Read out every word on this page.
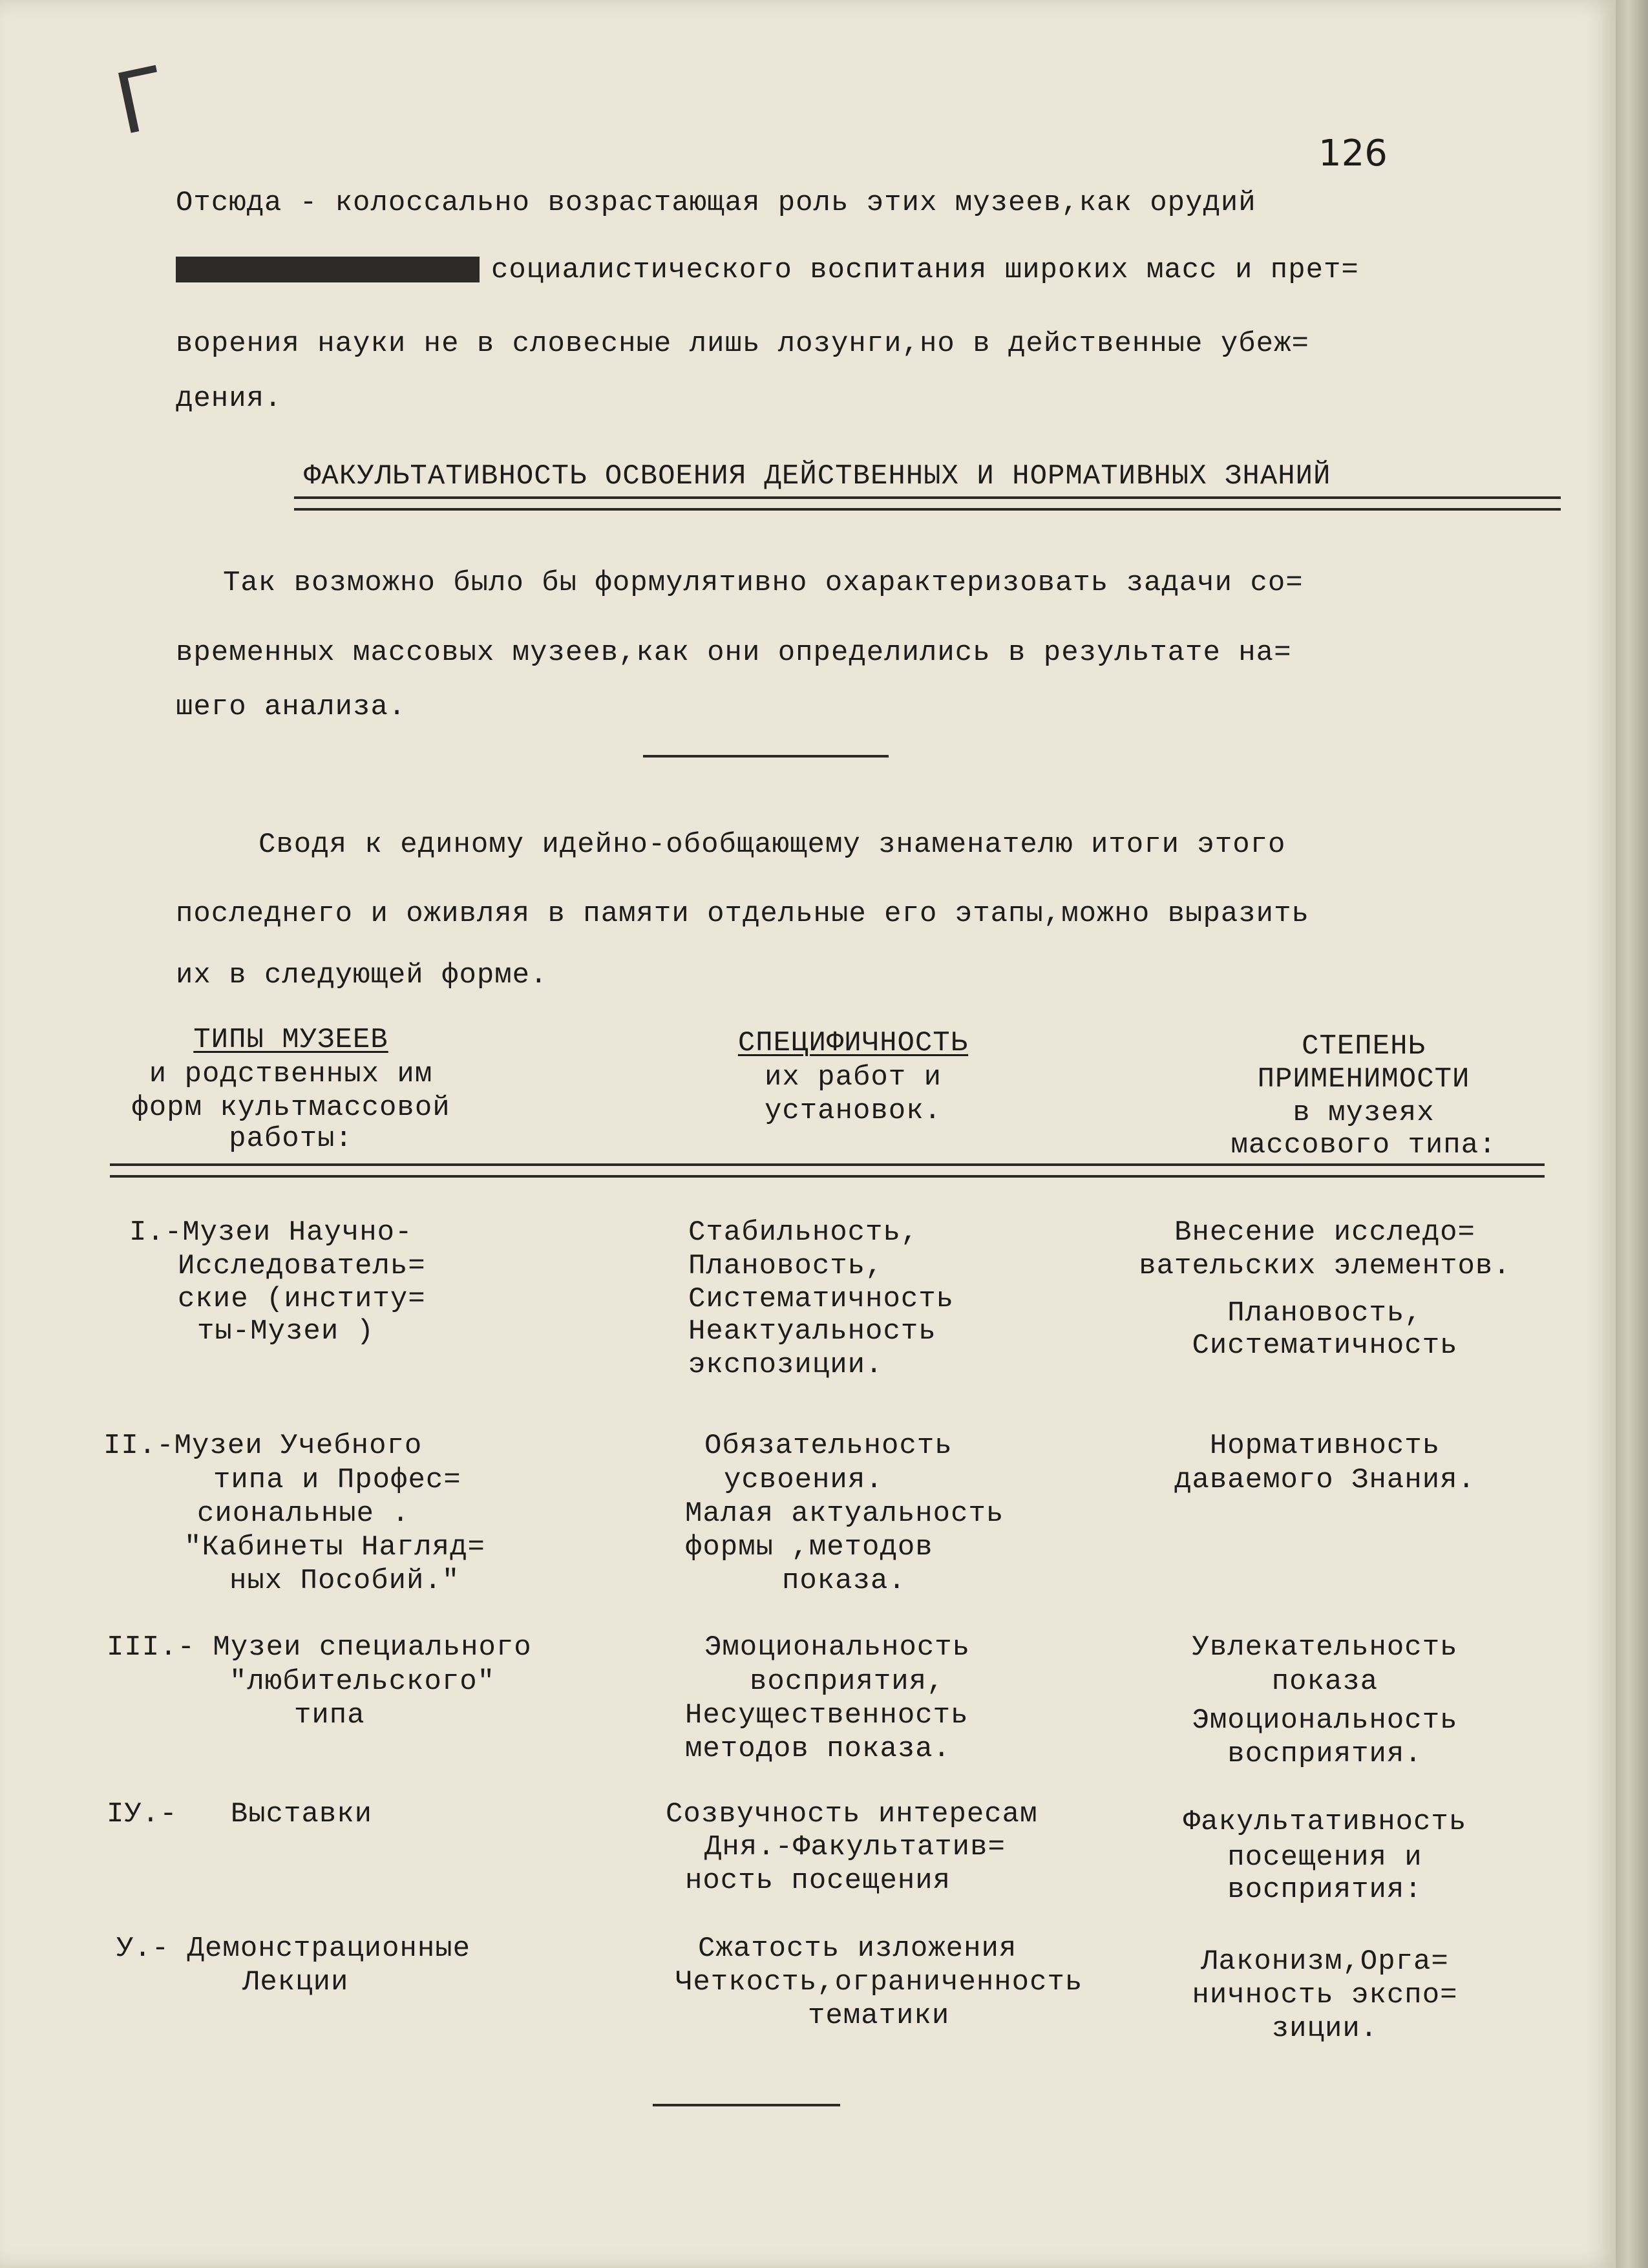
Г	126
Отсюда - колоссально возрастающая роль этих музеев,как орудий
социалистического воспитания широких масс и прет=
ворения науки не в словесные лишь лозунги,но в действенные убеж=
дения.
ФАКУЛЬТАТИВНОСТЬ ОСВОЕНИЯ ДЕЙСТВЕННЫХ И НОРМАТИВНЫХ ЗНАНИЙ
Так возможно было бы формулятивно охарактеризовать задачи со=
временных массовых музеев,как они определились в результате на=
шего анализа.
Сводя к единому идейно-обобщающему знаменателю итоги этого
последнего и оживляя в памяти отдельные его этапы,можно выразить
их в следующей форме.
ТИПЫ МУЗЕЕВ
и родственных им
форм культмассовой
работы:
СПЕЦИФИЧНОСТЬ
их работ и
установок.
СТЕПЕНЬ
ПРИМЕНИМОСТИ
в музеях
массового типа:
I.-Музеи Научно-
Исследователь=
ские (институ=
ты-Музеи )
Стабильность,
Плановость,
Систематичность
Неактуальность
экспозиции.
Внесение исследо=
вательских элементов.
Плановость,
Систематичность
II.-Музеи Учебного
типа и Профес=
сиональные .
"Кабинеты Нагляд=
ных Пособий."
Обязательность
усвоения.
Малая актуальность
формы ,методов
показа.
Нормативность
даваемого Знания.
III.- Музеи специального
"любительского"
типа
Эмоциональность
восприятия,
Несущественность
методов показа.
Увлекательность
показа
Эмоциональность
восприятия.
IУ.-   Выставки	Созвучность интересам
Дня.-Факультатив=
ность посещения
Факультативность
посещения и
восприятия:
У.- Демонстрационные
Лекции
Сжатость изложения
Четкость,ограниченность
тематики
Лаконизм,Орга=
ничность экспо=
зиции.
